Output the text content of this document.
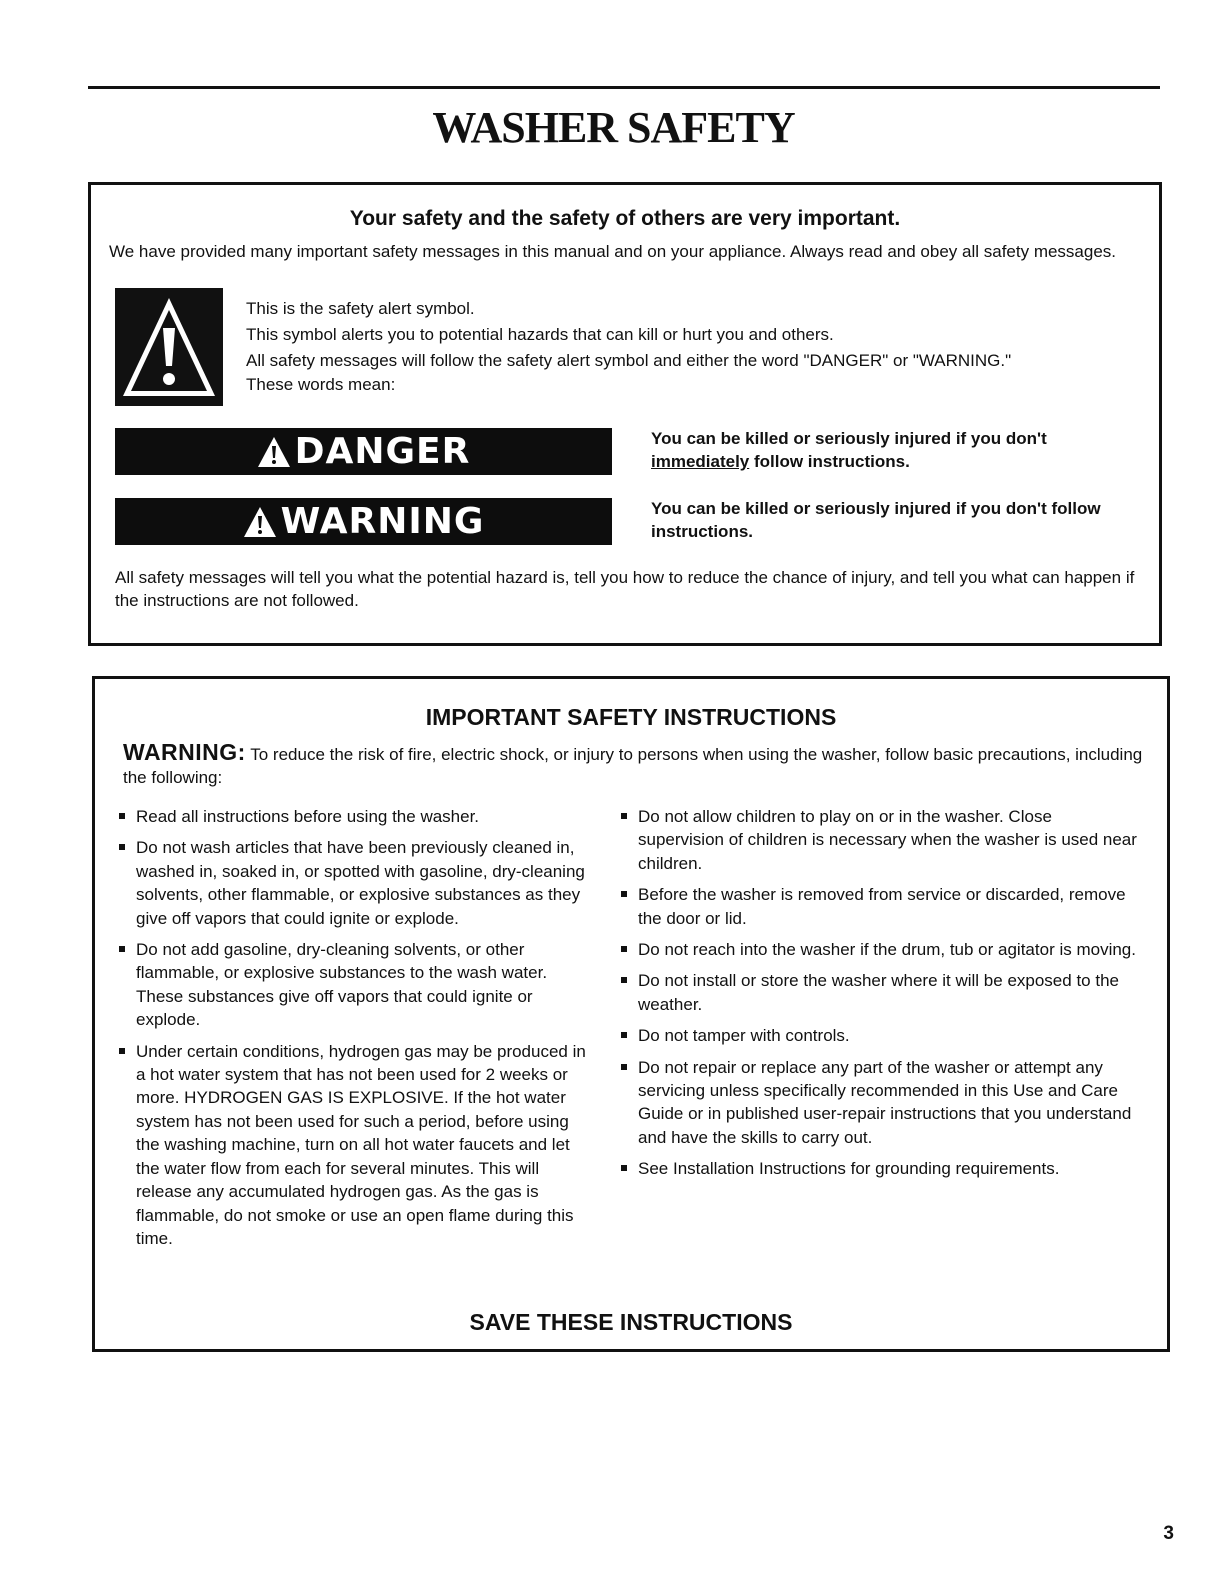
WASHER SAFETY
Your safety and the safety of others are very important.

We have provided many important safety messages in this manual and on your appliance. Always read and obey all safety messages.

This is the safety alert symbol.
This symbol alerts you to potential hazards that can kill or hurt you and others.
All safety messages will follow the safety alert symbol and either the word "DANGER" or "WARNING." These words mean:
DANGER	You can be killed or seriously injured if you don't immediately follow instructions.
WARNING	You can be killed or seriously injured if you don't follow instructions.

All safety messages will tell you what the potential hazard is, tell you how to reduce the chance of injury, and tell you what can happen if the instructions are not followed.

IMPORTANT SAFETY INSTRUCTIONS
WARNING: To reduce the risk of fire, electric shock, or injury to persons when using the washer, follow basic precautions, including the following:

Read all instructions before using the washer.

Do not wash articles that have been previously cleaned in, washed in, soaked in, or spotted with gasoline, dry-cleaning solvents, other flammable, or explosive substances as they give off vapors that could ignite or explode.

Do not add gasoline, dry-cleaning solvents, or other flammable, or explosive substances to the wash water. These substances give off vapors that could ignite or explode.

Under certain conditions, hydrogen gas may be produced in a hot water system that has not been used for 2 weeks or more. HYDROGEN GAS IS EXPLOSIVE. If the hot water system has not been used for such a period, before using the washing machine, turn on all hot water faucets and let the water flow from each for several minutes. This will release any accumulated hydrogen gas. As the gas is flammable, do not smoke or use an open flame during this time.

Do not allow children to play on or in the washer. Close supervision of children is necessary when the washer is used near children.

Before the washer is removed from service or discarded, remove the door or lid.

Do not reach into the washer if the drum, tub or agitator is moving.

Do not install or store the washer where it will be exposed to the weather.

Do not tamper with controls.

Do not repair or replace any part of the washer or attempt any servicing unless specifically recommended in this Use and Care Guide or in published user-repair instructions that you understand and have the skills to carry out.

See Installation Instructions for grounding requirements.

SAVE THESE INSTRUCTIONS
3
